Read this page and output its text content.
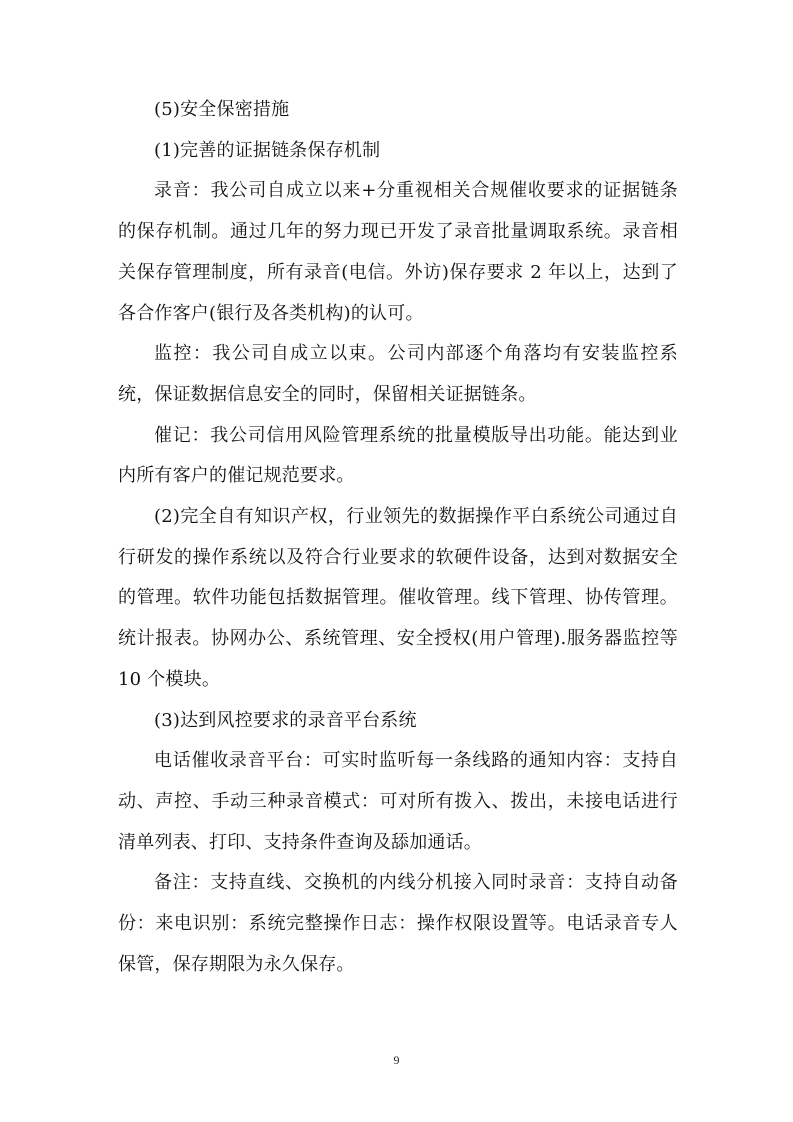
(5)安全保密措施

(1)完善的证据链条保存机制

录音：我公司自成立以来+分重视相关合规催收要求的证据链条的保存机制。通过几年的努力现已开发了录音批量调取系统。录音相关保存管理制度，所有录音(电信。外访)保存要求 2 年以上，达到了各合作客户(银行及各类机构)的认可。

监控：我公司自成立以束。公司内部逐个角落均有安装监控系统，保证数据信息安全的同时，保留相关证据链条。

催记：我公司信用风险管理系统的批量模版导出功能。能达到业内所有客户的催记规范要求。

(2)完全自有知识产权，行业领先的数据操作平白系统公司通过自行研发的操作系统以及符合行业要求的软硬件设备，达到对数据安全的管理。软件功能包括数据管理。催收管理。线下管理、协传管理。统计报表。协网办公、系统管理、安全授权(用户管理).服务器监控等 10 个模块。

(3)达到风控要求的录音平台系统

电话催收录音平台：可实时监听每一条线路的通知内容：支持自动、声控、手动三种录音模式：可对所有拨入、拨出，未接电话进行清单列表、打印、支持条件查询及舔加通话。

备注：支持直线、交换机的内线分机接入同时录音：支持自动备份：来电识别：系统完整操作日志：操作权限设置等。电话录音专人保管，保存期限为永久保存。

9
